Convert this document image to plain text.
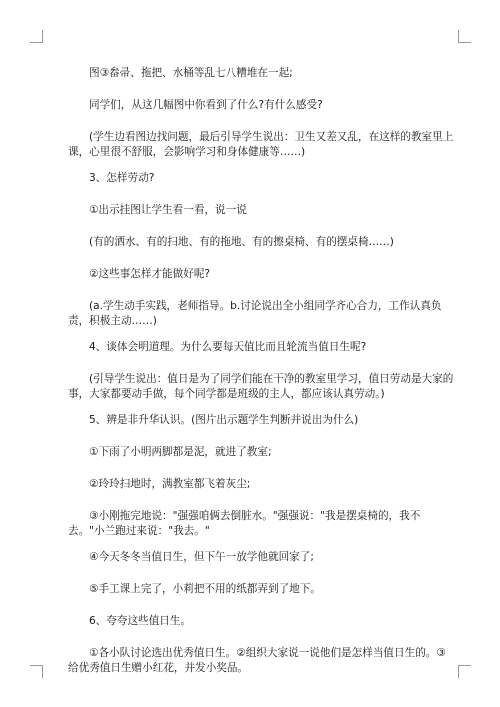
图③畚帚、拖把、水桶等乱七八糟堆在一起;

同学们，从这几幅图中你看到了什么?有什么感受?

(学生边看图边找问题，最后引导学生说出：卫生又差又乱，在这样的教室里上课，心里很不舒服，会影响学习和身体健康等……)

3、怎样劳动?

①出示挂图让学生看一看，说一说

(有的洒水、有的扫地、有的拖地、有的擦桌椅、有的摆桌椅……)

②这些事怎样才能做好呢?

(a.学生动手实践，老师指导。b.讨论说出全小组同学齐心合力，工作认真负责，积极主动……)

4、谈体会明道理。为什么要每天值比而且轮流当值日生呢?

(引导学生说出：值日是为了同学们能在干净的教室里学习，值日劳动是大家的事，大家都要动手做，每个同学都是班级的主人，都应该认真劳动。)

5、辨是非升华认识。(图片出示题学生判断并说出为什么)

①下雨了小明两脚都是泥，就进了教室;

②玲玲扫地时，满教室都飞着灰尘;

③小刚拖完地说："强强咱俩去倒脏水。"强强说："我是摆桌椅的，我不去。"小兰跑过来说："我去。"

④今天冬冬当值日生，但下午一放学他就回家了;

⑤手工课上完了，小莉把不用的纸都弄到了地下。

6、夸夸这些值日生。

①各小队讨论选出优秀值日生。②组织大家说一说他们是怎样当值日生的。③给优秀值日生赠小红花，并发小奖品。
